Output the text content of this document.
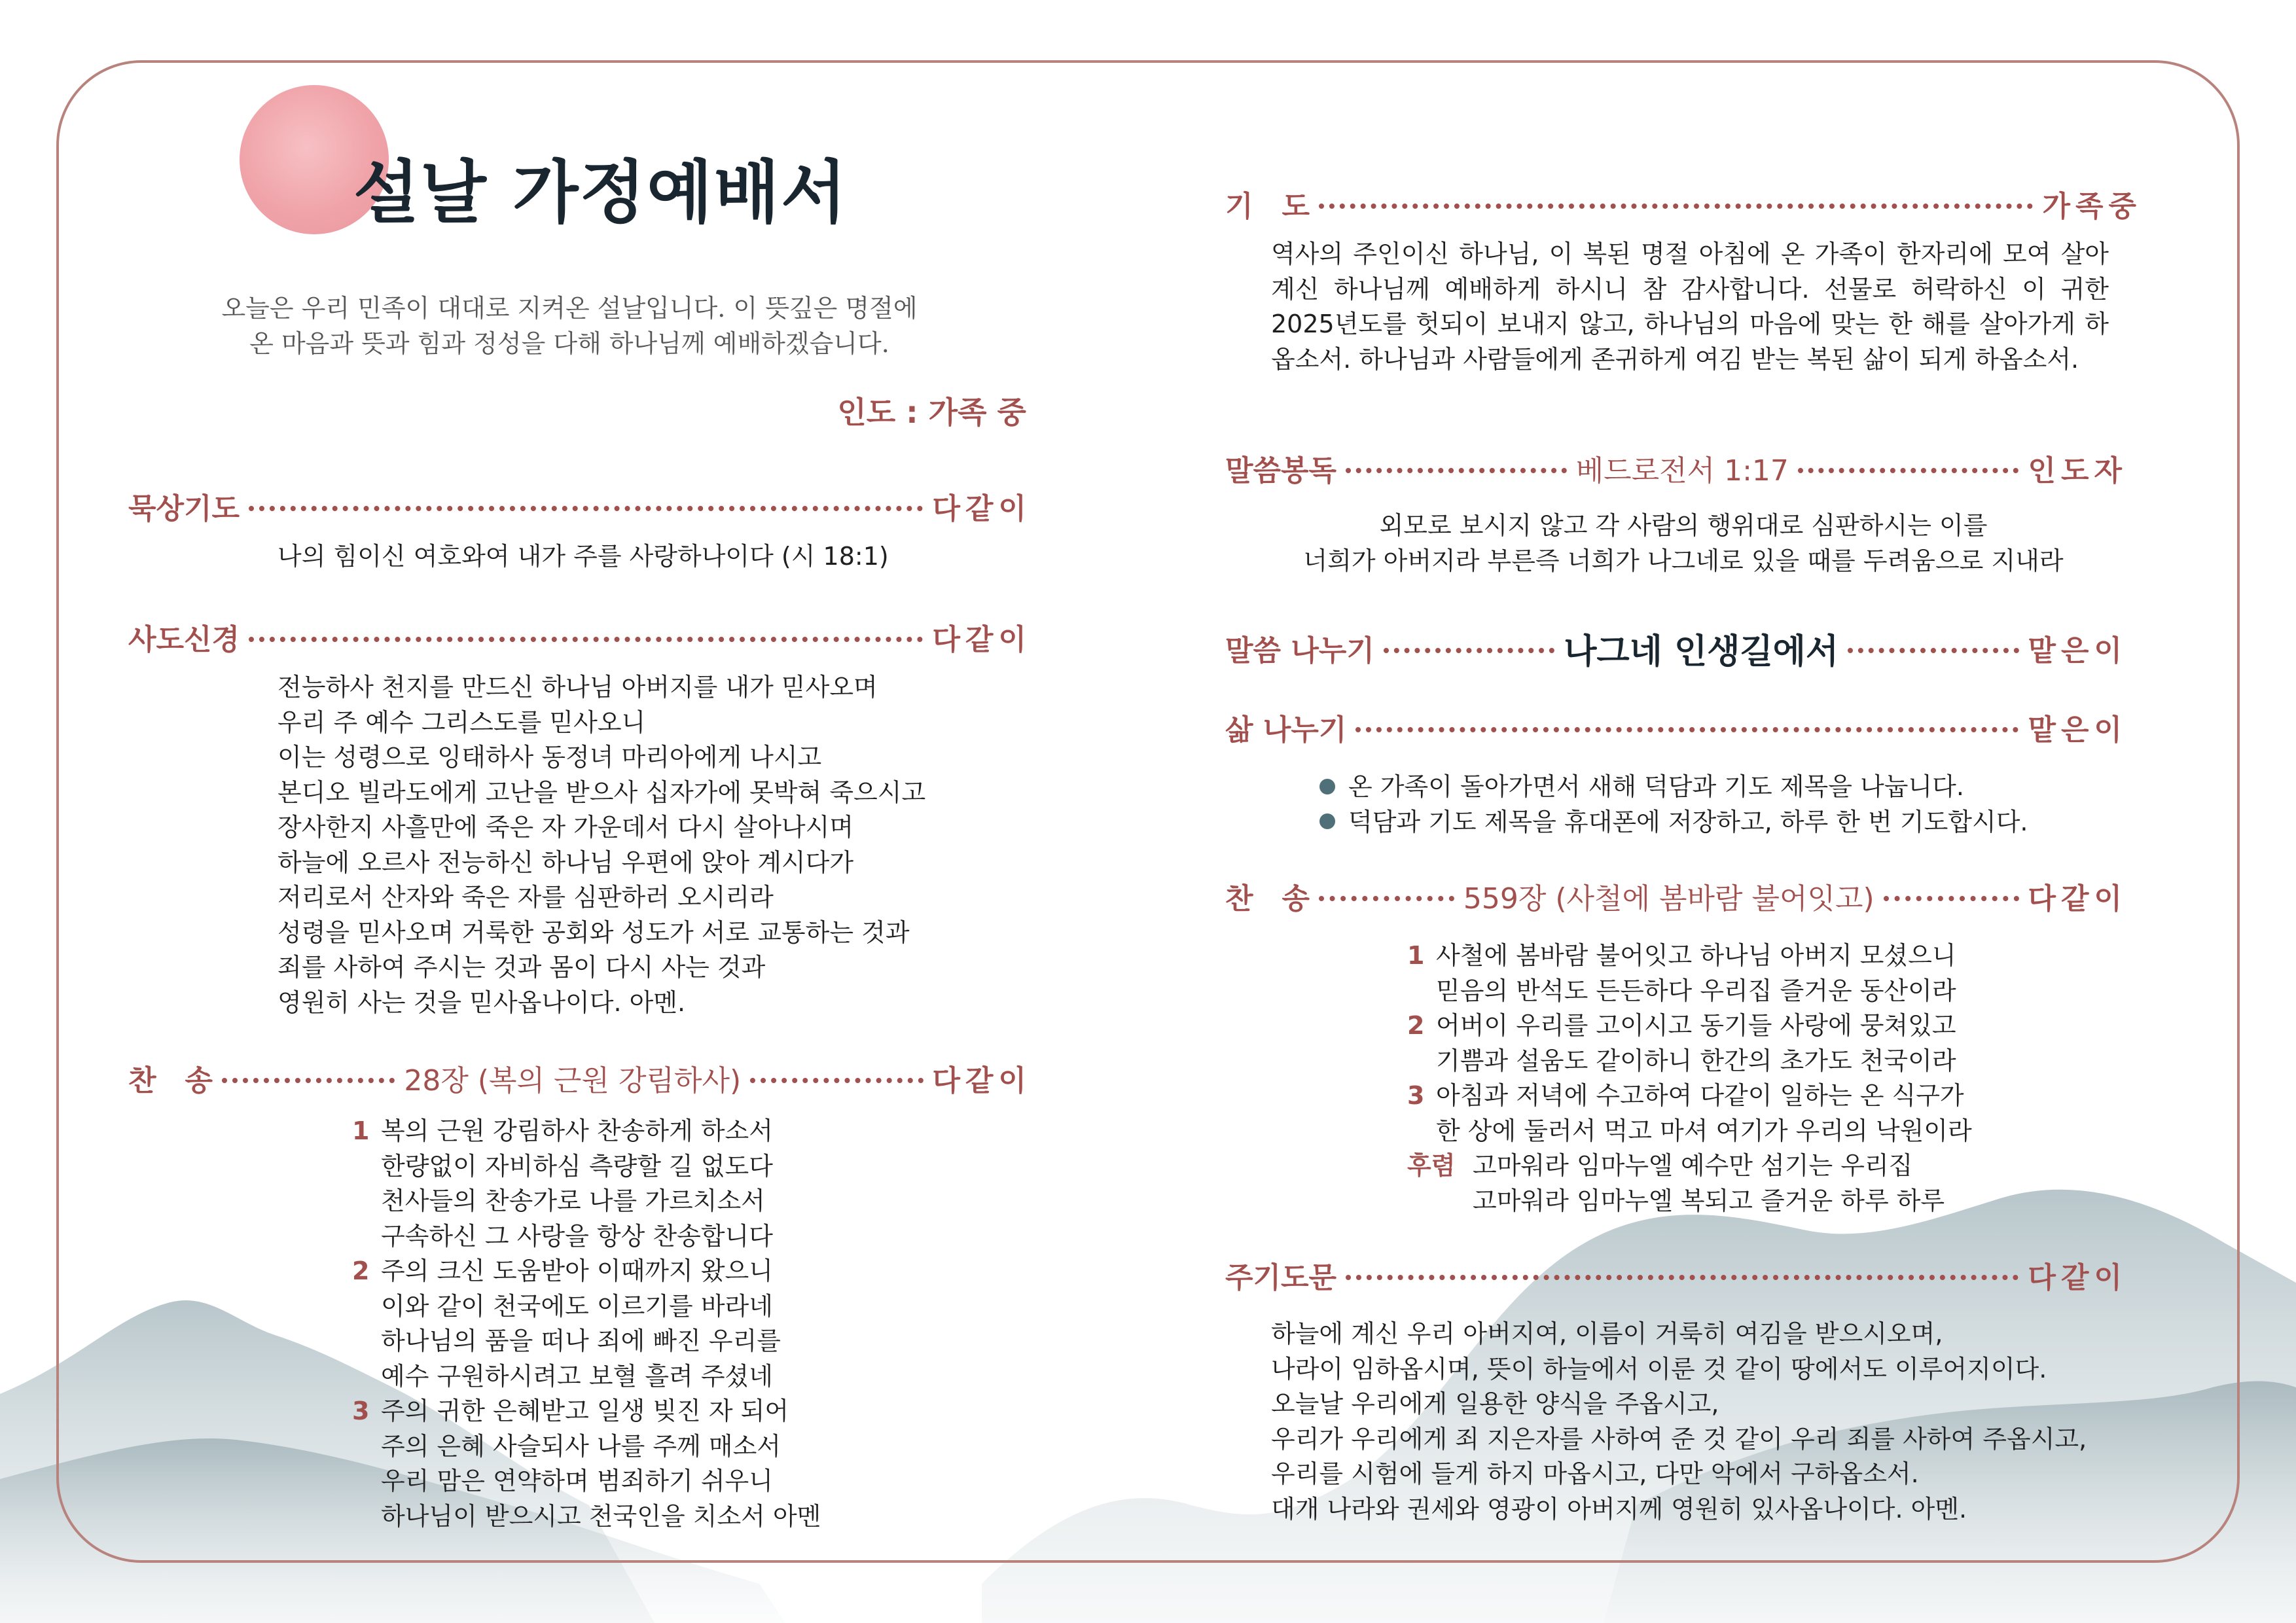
설날 가정예배서
오늘은 우리 민족이 대대로 지켜온 설날입니다. 이 뜻깊은 명절에
온 마음과 뜻과 힘과 정성을 다해 하나님께 예배하겠습니다.
인도 : 가족 중
묵상기도	다같이
나의 힘이신 여호와여 내가 주를 사랑하나이다 (시 18:1)
사도신경	다같이
전능하사 천지를 만드신 하나님 아버지를 내가 믿사오며
우리 주 예수 그리스도를 믿사오니
이는 성령으로 잉태하사 동정녀 마리아에게 나시고
본디오 빌라도에게 고난을 받으사 십자가에 못박혀 죽으시고
장사한지 사흘만에 죽은 자 가운데서 다시 살아나시며
하늘에 오르사 전능하신 하나님 우편에 앉아 계시다가
저리로서 산자와 죽은 자를 심판하러 오시리라
성령을 믿사오며 거룩한 공회와 성도가 서로 교통하는 것과
죄를 사하여 주시는 것과 몸이 다시 사는 것과
영원히 사는 것을 믿사옵나이다. 아멘.
찬　송	28장 (복의 근원 강림하사)	다같이
1 복의 근원 강림하사 찬송하게 하소서
한량없이 자비하심 측량할 길 없도다
천사들의 찬송가로 나를 가르치소서
구속하신 그 사랑을 항상 찬송합니다
2 주의 크신 도움받아 이때까지 왔으니
이와 같이 천국에도 이르기를 바라네
하나님의 품을 떠나 죄에 빠진 우리를
예수 구원하시려고 보혈 흘려 주셨네
3 주의 귀한 은혜받고 일생 빚진 자 되어
주의 은혜 사슬되사 나를 주께 매소서
우리 맘은 연약하며 범죄하기 쉬우니
하나님이 받으시고 천국인을 치소서 아멘
기　도	가족중
역사의 주인이신 하나님, 이 복된 명절 아침에 온 가족이 한자리에 모여 살아 계신 하나님께 예배하게 하시니 참 감사합니다. 선물로 허락하신 이 귀한 2025년도를 헛되이 보내지 않고, 하나님의 마음에 맞는 한 해를 살아가게 하옵소서. 하나님과 사람들에게 존귀하게 여김 받는 복된 삶이 되게 하옵소서.
말씀봉독	베드로전서 1:17	인도자
외모로 보시지 않고 각 사람의 행위대로 심판하시는 이를
너희가 아버지라 부른즉 너희가 나그네로 있을 때를 두려움으로 지내라
말씀 나누기	나그네 인생길에서	맡은이
삶 나누기	맡은이
온 가족이 돌아가면서 새해 덕담과 기도 제목을 나눕니다.
덕담과 기도 제목을 휴대폰에 저장하고, 하루 한 번 기도합시다.
찬　송	559장 (사철에 봄바람 불어잇고)	다같이
1 사철에 봄바람 불어잇고 하나님 아버지 모셨으니
믿음의 반석도 든든하다 우리집 즐거운 동산이라
2 어버이 우리를 고이시고 동기들 사랑에 뭉쳐있고
기쁨과 설움도 같이하니 한간의 초가도 천국이라
3 아침과 저녁에 수고하여 다같이 일하는 온 식구가
한 상에 둘러서 먹고 마셔 여기가 우리의 낙원이라
후렴 고마워라 임마누엘 예수만 섬기는 우리집
고마워라 임마누엘 복되고 즐거운 하루 하루
주기도문	다같이
하늘에 계신 우리 아버지여, 이름이 거룩히 여김을 받으시오며,
나라이 임하옵시며, 뜻이 하늘에서 이룬 것 같이 땅에서도 이루어지이다.
오늘날 우리에게 일용한 양식을 주옵시고,
우리가 우리에게 죄 지은자를 사하여 준 것 같이 우리 죄를 사하여 주옵시고,
우리를 시험에 들게 하지 마옵시고, 다만 악에서 구하옵소서.
대개 나라와 권세와 영광이 아버지께 영원히 있사옵나이다. 아멘.
